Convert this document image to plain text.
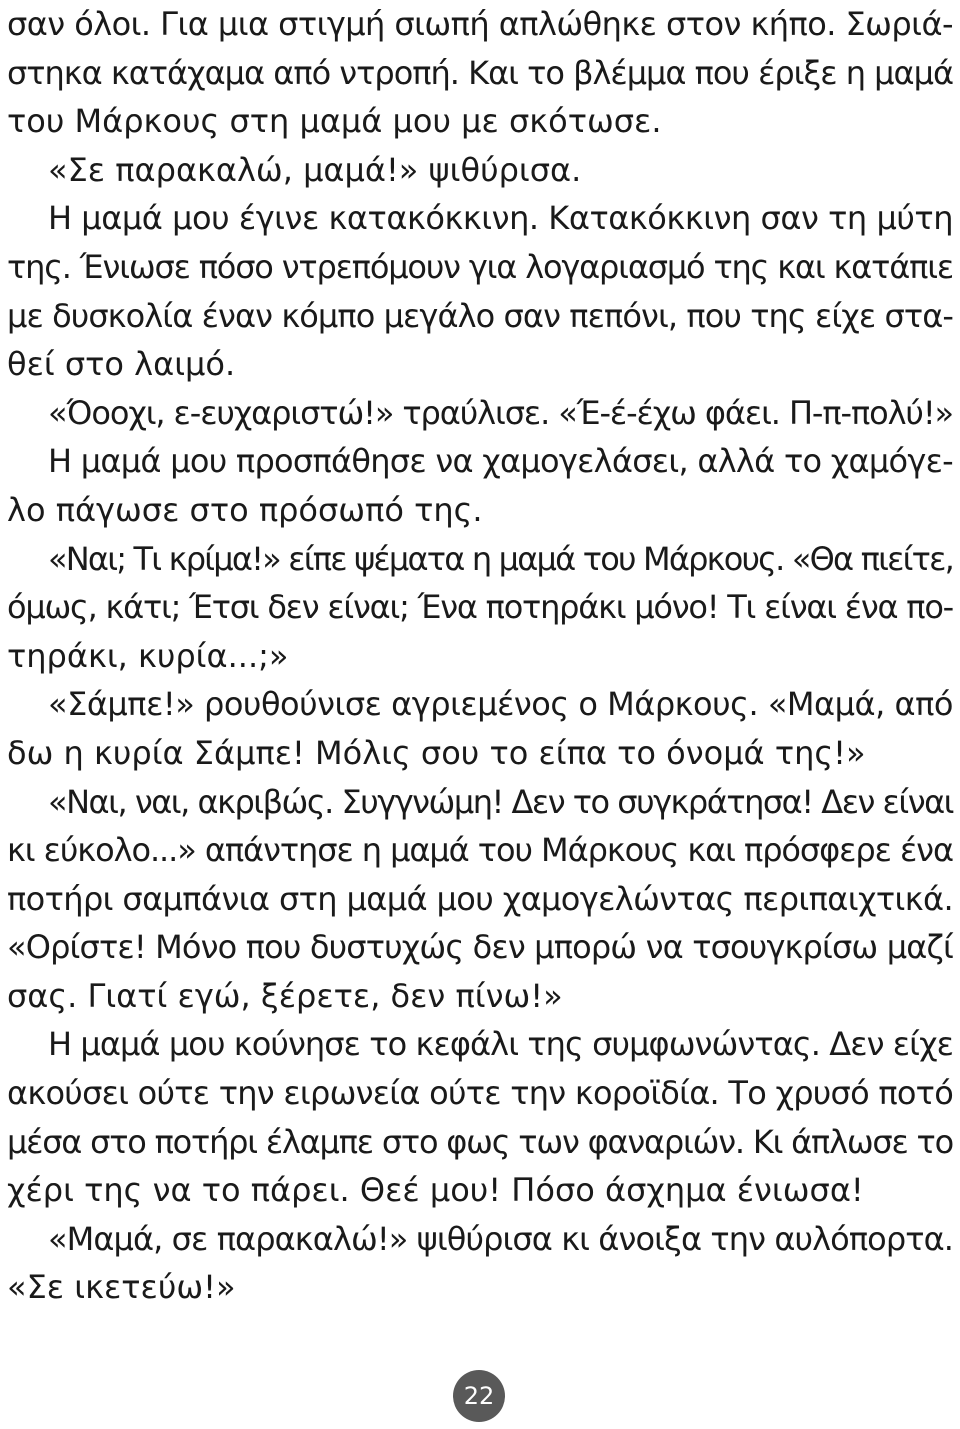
σαν όλοι. Για μια στιγμή σιωπή απλώθηκε στον κήπο. Σωριά-
στηκα κατάχαμα από ντροπή. Και το βλέμμα που έριξε η μαμά
του Μάρκους στη μαμά μου με σκότωσε.
«Σε παρακαλώ, μαμά!» ψιθύρισα.
Η μαμά μου έγινε κατακόκκινη. Κατακόκκινη σαν τη μύτη
της. Ένιωσε πόσο ντρεπόμουν για λογαριασμό της και κατάπιε
με δυσκολία έναν κόμπο μεγάλο σαν πεπόνι, που της είχε στα-
θεί στο λαιμό.
«Όοοχι, ε-ευχαριστώ!» τραύλισε. «Έ-έ-έχω φάει. Π-π-πολύ!»
Η μαμά μου προσπάθησε να χαμογελάσει, αλλά το χαμόγε-
λο πάγωσε στο πρόσωπό της.
«Ναι; Τι κρίμα!» είπε ψέματα η μαμά του Μάρκους. «Θα πιείτε,
όμως, κάτι; Έτσι δεν είναι; Ένα ποτηράκι μόνο! Τι είναι ένα πο-
τηράκι, κυρία...;»
«Σάμπε!» ρουθούνισε αγριεμένος ο Μάρκους. «Μαμά, από
δω η κυρία Σάμπε! Μόλις σου το είπα το όνομά της!»
«Ναι, ναι, ακριβώς. Συγγνώμη! Δεν το συγκράτησα! Δεν είναι
κι εύκολο...» απάντησε η μαμά του Μάρκους και πρόσφερε ένα
ποτήρι σαμπάνια στη μαμά μου χαμογελώντας περιπαιχτικά.
«Ορίστε! Μόνο που δυστυχώς δεν μπορώ να τσουγκρίσω μαζί
σας. Γιατί εγώ, ξέρετε, δεν πίνω!»
Η μαμά μου κούνησε το κεφάλι της συμφωνώντας. Δεν είχε
ακούσει ούτε την ειρωνεία ούτε την κοροϊδία. Το χρυσό ποτό
μέσα στο ποτήρι έλαμπε στο φως των φαναριών. Κι άπλωσε το
χέρι της να το πάρει. Θεέ μου! Πόσο άσχημα ένιωσα!
«Μαμά, σε παρακαλώ!» ψιθύρισα κι άνοιξα την αυλόπορτα.
«Σε ικετεύω!»
22
